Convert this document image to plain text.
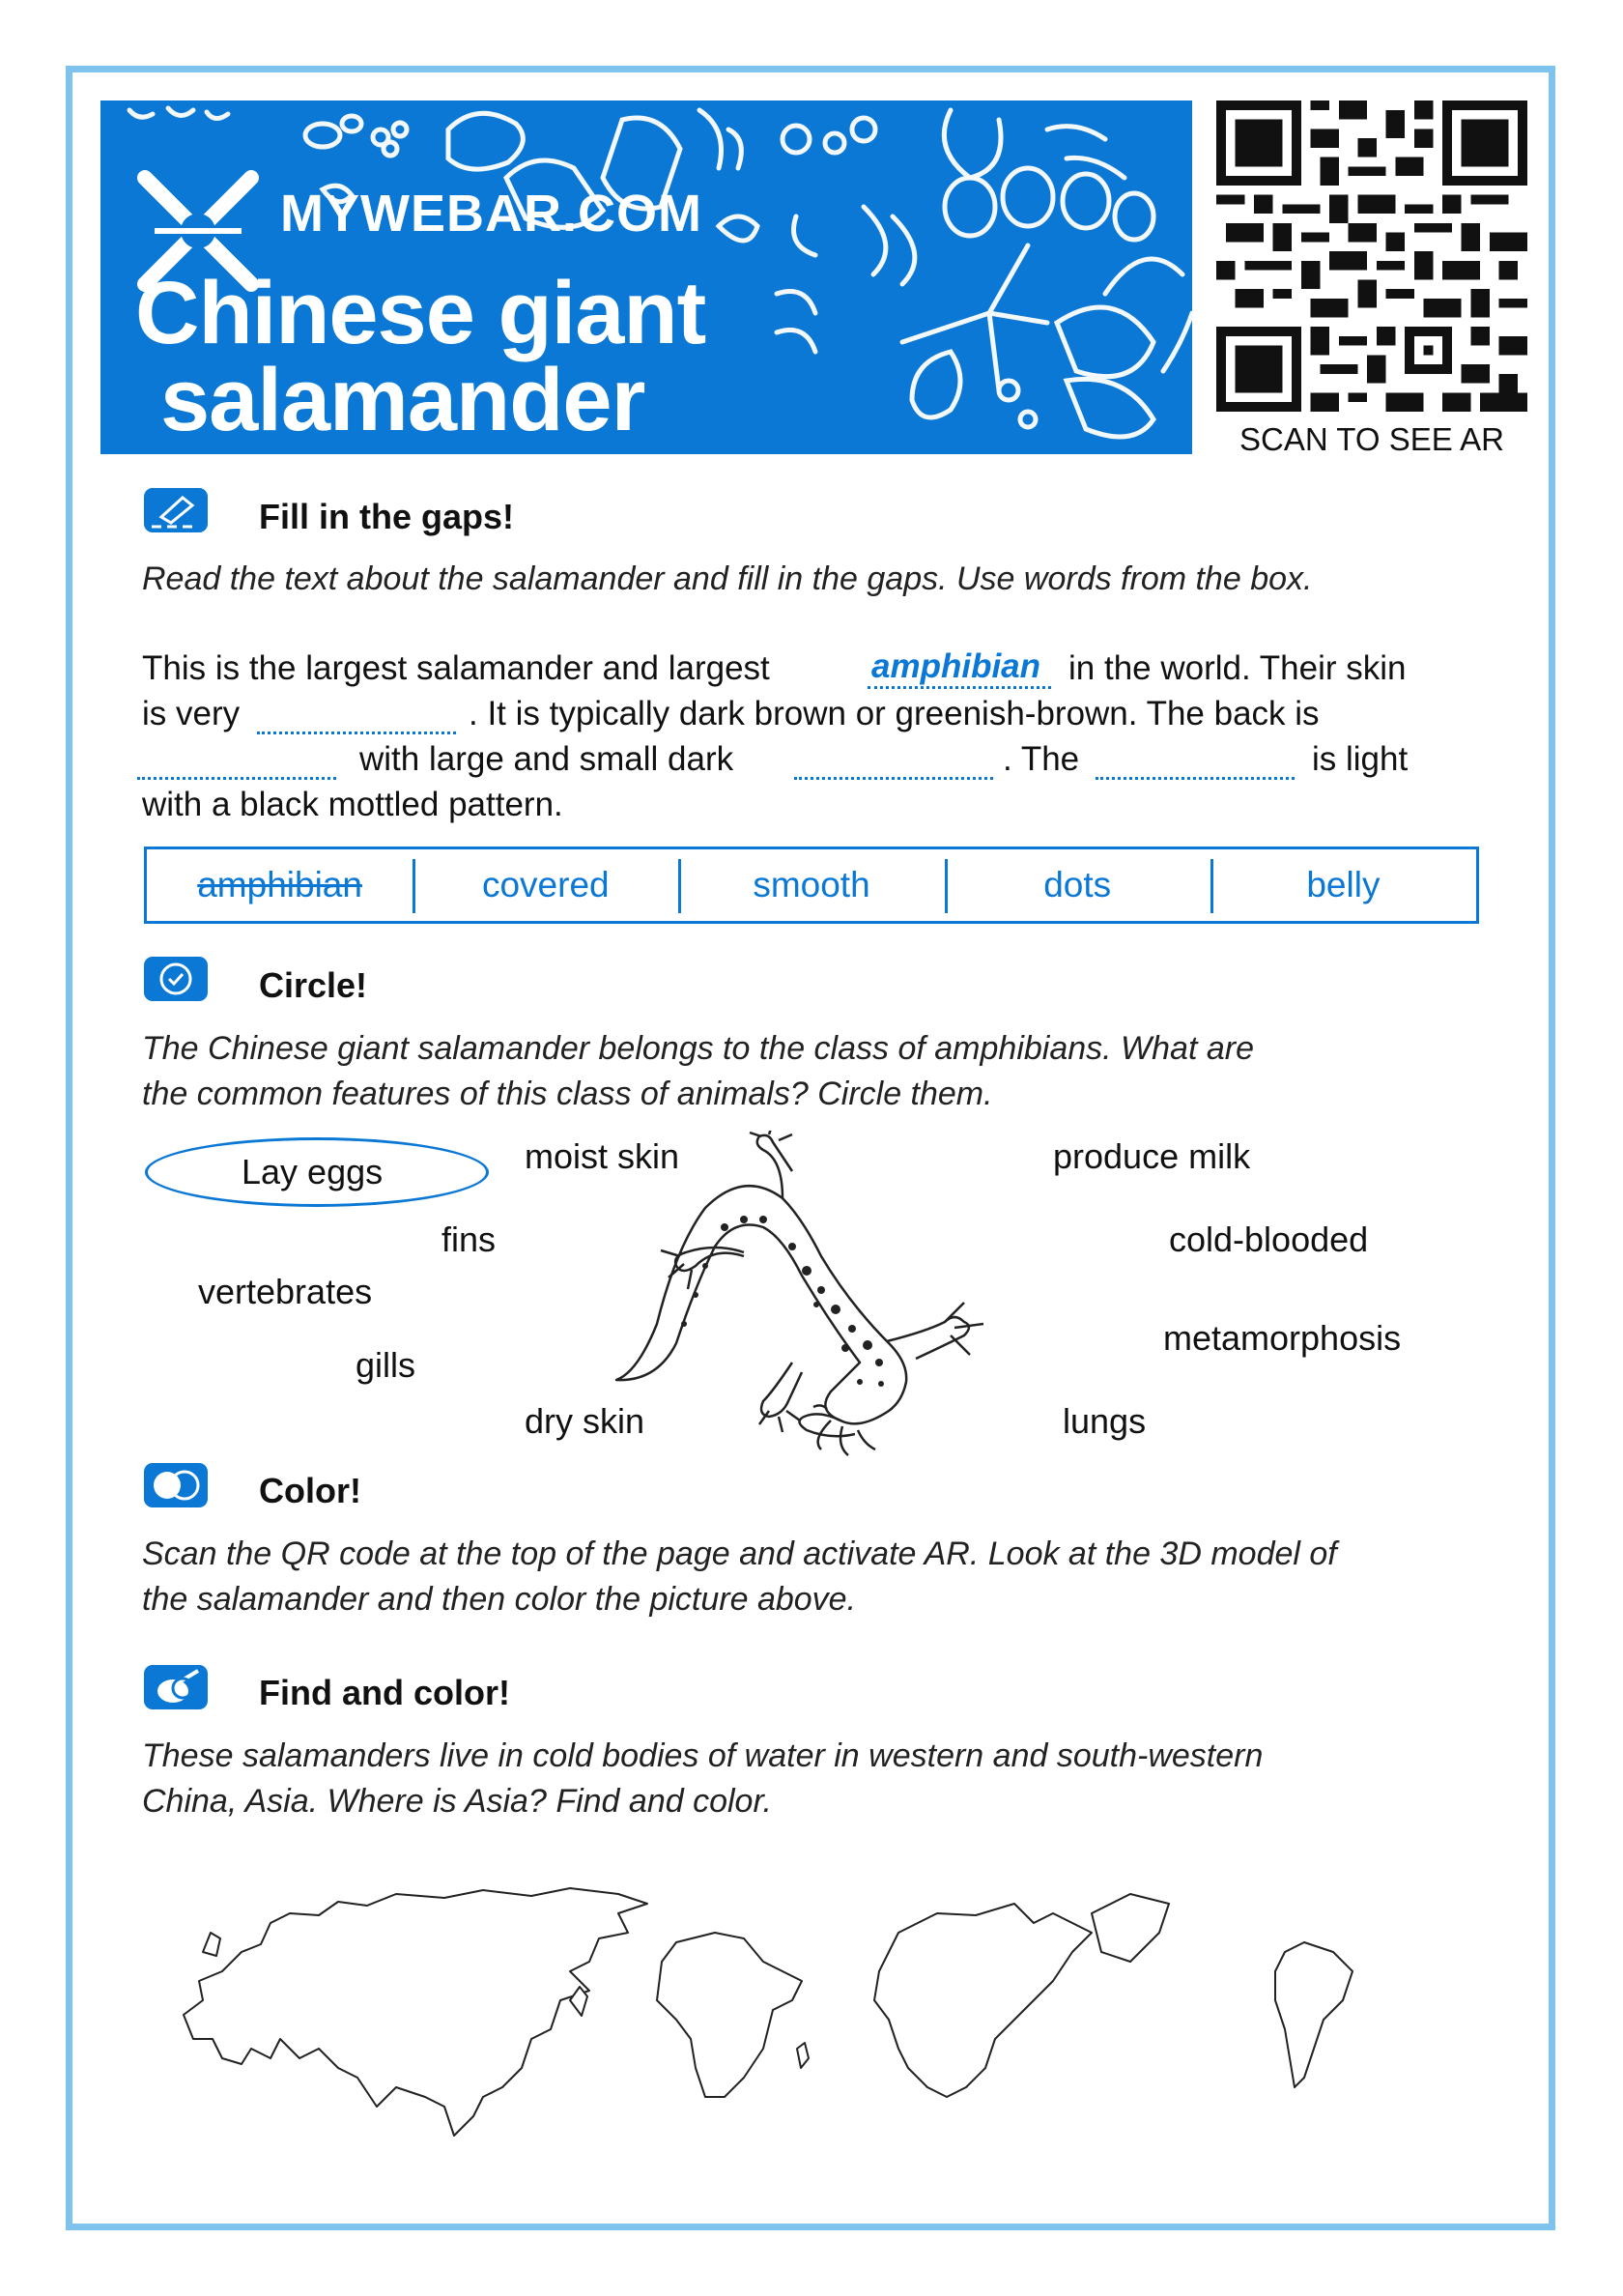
MYWEBAR.COM
Chinese giant
salamander	SCAN TO SEE AR
Fill in the gaps!
Read the text about the salamander and fill in the gaps. Use words from the box.
This is the largest salamander and largest	amphibian in the world. Their skin
is very	. It is typically dark brown or greenish-brown. The back is
with large and small dark	. The	is light
with a black mottled pattern.
amphibian	covered	smooth	dots	belly
Circle!
The Chinese giant salamander belongs to the class of amphibians. What are
the common features of this class of animals? Circle them.
Lay eggs	moist skin	produce milk
fins	cold-blooded
vertebrates
metamorphosis
gills
dry skin	lungs
Color!
Scan the QR code at the top of the page and activate AR. Look at the 3D model of
the salamander and then color the picture above.
Find and color!
These salamanders live in cold bodies of water in western and south-western
China, Asia. Where is Asia? Find and color.
